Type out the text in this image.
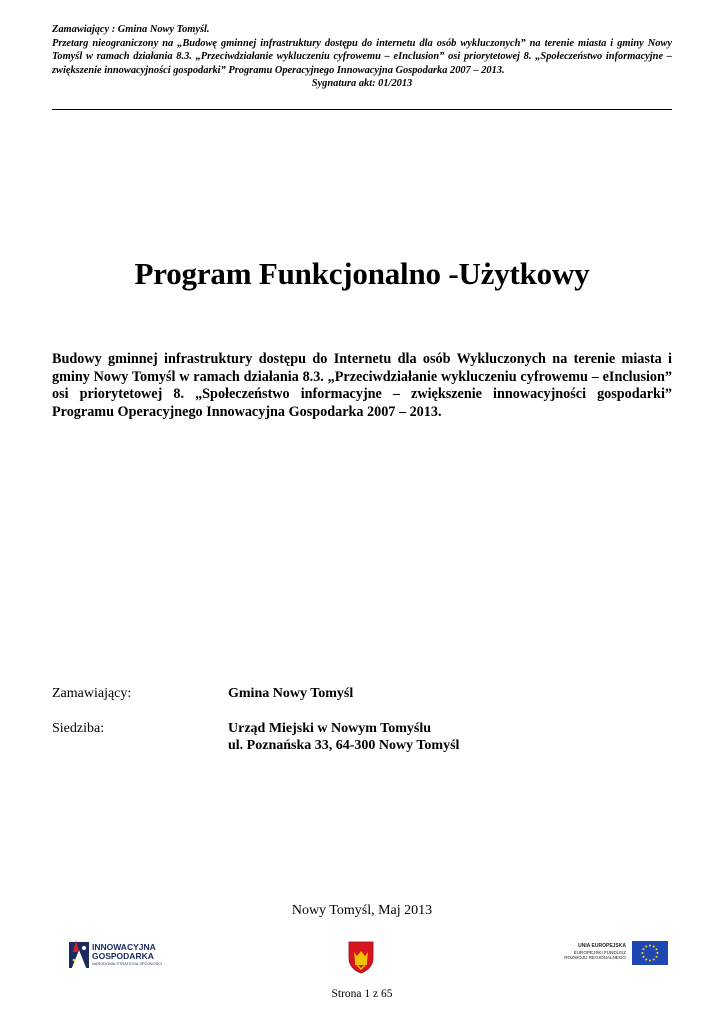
Zamawiający : Gmina Nowy Tomyśl.

Przetarg nieograniczony na „Budowę gminnej infrastruktury dostępu do internetu dla osób wykluczonych” na terenie miasta i gminy Nowy Tomyśl w ramach działania 8.3. „Przeciwdziałanie wykluczeniu cyfrowemu – eInclusion” osi priorytetowej 8. „Społeczeństwo informacyjne – zwiększenie innowacyjności gospodarki” Programu Operacyjnego Innowacyjna Gospodarka 2007 – 2013.

Sygnatura akt: 01/2013

Program Funkcjonalno -Użytkowy
Budowy gminnej infrastruktury dostępu do Internetu dla osób Wykluczonych na terenie miasta i gminy Nowy Tomyśl w ramach działania 8.3. „Przeciwdziałanie wykluczeniu cyfrowemu – eInclusion” osi priorytetowej 8. „Społeczeństwo informacyjne – zwiększenie innowacyjności gospodarki” Programu Operacyjnego Innowacyjna Gospodarka 2007 – 2013.
Zamawiający:	Gmina Nowy Tomyśl
Siedziba:	Urząd Miejski w Nowym Tomyślu
ul. Poznańska 33, 64-300 Nowy Tomyśl
Nowy Tomyśl, Maj 2013
INNOWACYJNA
GOSPODARKA
NARODOWA STRATEGIA SPÓJNOŚCI
UNIA EUROPEJSKA
EUROPEJSKI FUNDUSZ
ROZWOJU REGIONALNEGO
Strona 1 z 65
